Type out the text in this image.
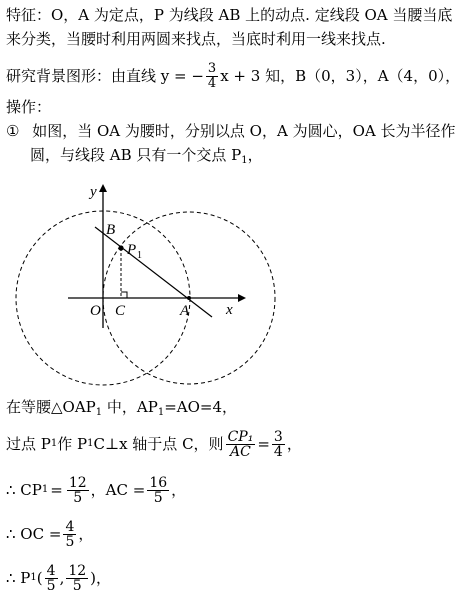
特征：O，A 为定点，P 为线段 AB 上的动点. 定线段 OA 当腰当底
来分类，当腰时利用两圆来找点，当底时利用一线来找点.
研究背景图形：由直线 y = − $\frac{3}{4}$ x + 3 知，B（0，3），A（4，0），
操作：
① 如图，当 OA 为腰时，分别以点 O，A 为圆心，OA 长为半径作
圆，与线段 AB 只有一个交点 $P_1$，
y
x
B
P 1
O C	A
在等腰$\triangle OAP_1$ 中，$AP_1=AO=4$，
过点 P 1 作 P 1 C⊥x 轴于点 C，则 $\frac{\text{CP₁}}{AC} = \frac{3}{4}$ ，
∴ CP $1 = \frac{12}{5}$ ，AC = $\frac{16}{5}$ ，
∴ OC = $\frac{4}{5}$ ，
∴ P 1 ( $\frac{4}{5}$ , $\frac{12}{5}$ )，
